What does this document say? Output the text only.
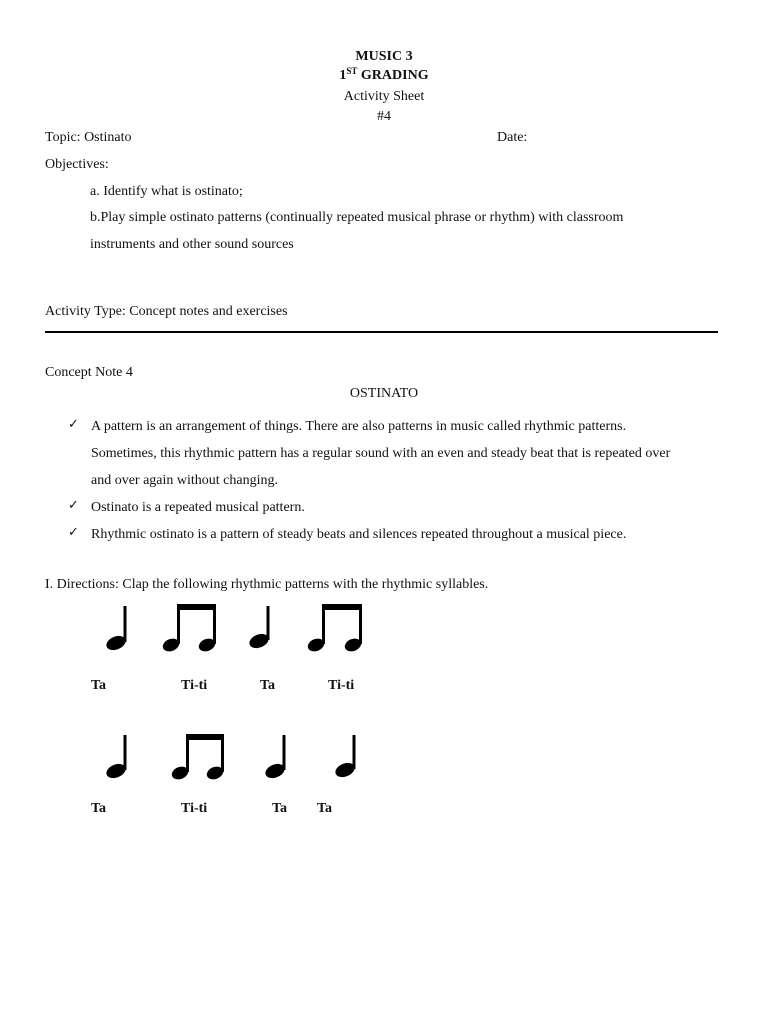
MUSIC 3
1ST GRADING
Activity Sheet
#4
Topic: Ostinato	Date:
Objectives:
a. Identify what is ostinato;
b.Play simple ostinato patterns (continually repeated musical phrase or rhythm) with classroom
instruments and other sound sources
Activity Type: Concept notes and exercises
Concept Note 4
OSTINATO
✓ A pattern is an arrangement of things. There are also patterns in music called rhythmic patterns.
Sometimes, this rhythmic pattern has a regular sound with an even and steady beat that is repeated over
and over again without changing.
✓ Ostinato is a repeated musical pattern.
✓ Rhythmic ostinato is a pattern of steady beats and silences repeated throughout a musical piece.
I. Directions: Clap the following rhythmic patterns with the rhythmic syllables.
Ta	Ti-ti	Ta	Ti-ti
Ta	Ti-ti	Ta Ta
